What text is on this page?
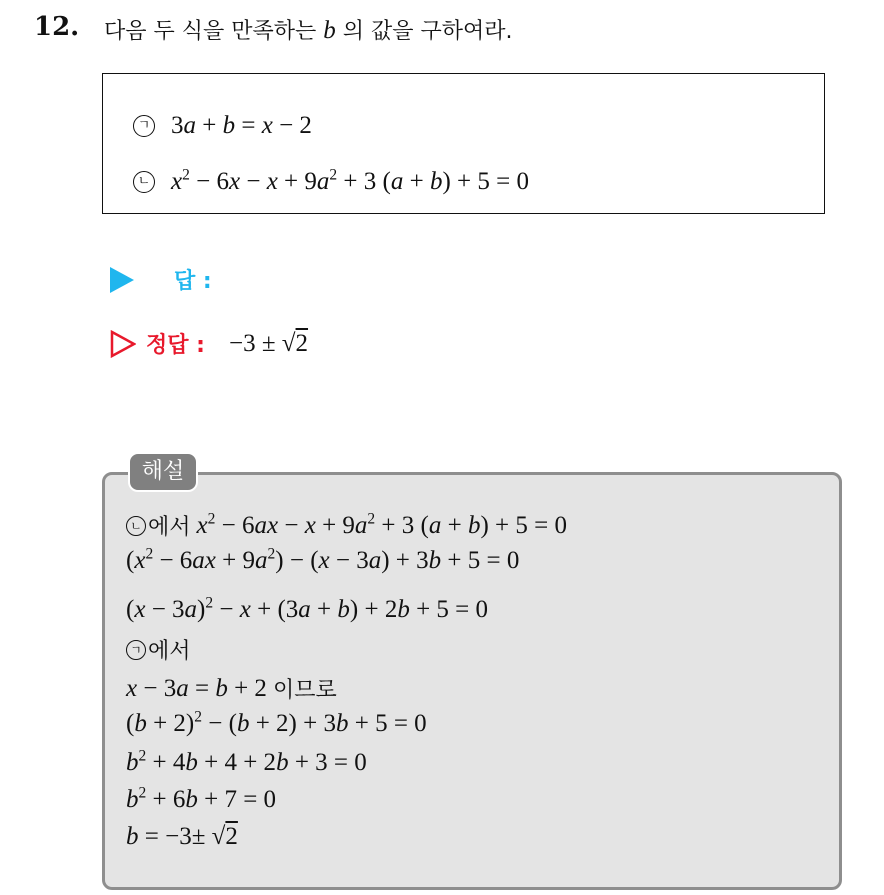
12. 다음 두 식을 만족하는 b 의 값을 구하여라.
ㄱ 3a + b = x − 2
ㄴ $x^2 - 6x - x + 9a^2 + 3$ (a + b) + 5 = 0
답 :
정답 : −3 ± √2
해설
ㄴ 에서 $x^2 - 6ax - x + 9a^2 + 3$ (a + b) + 5 = 0
$(x^2 - 6ax + 9a^2) - (x - 3a) + 3b + 5 = 0$
$(x - 3a)^2 - x + (3a + b) + 2b + 5 = 0$
ㄱ 에서
x − 3a = b + 2 이므로
$(b + 2)^2 - (b + 2) + 3b + 5 = 0$
$b^2 + 4b + 4 + 2b + 3 = 0$
$b^2 + 6b + 7 = 0$
b = −3± √2
